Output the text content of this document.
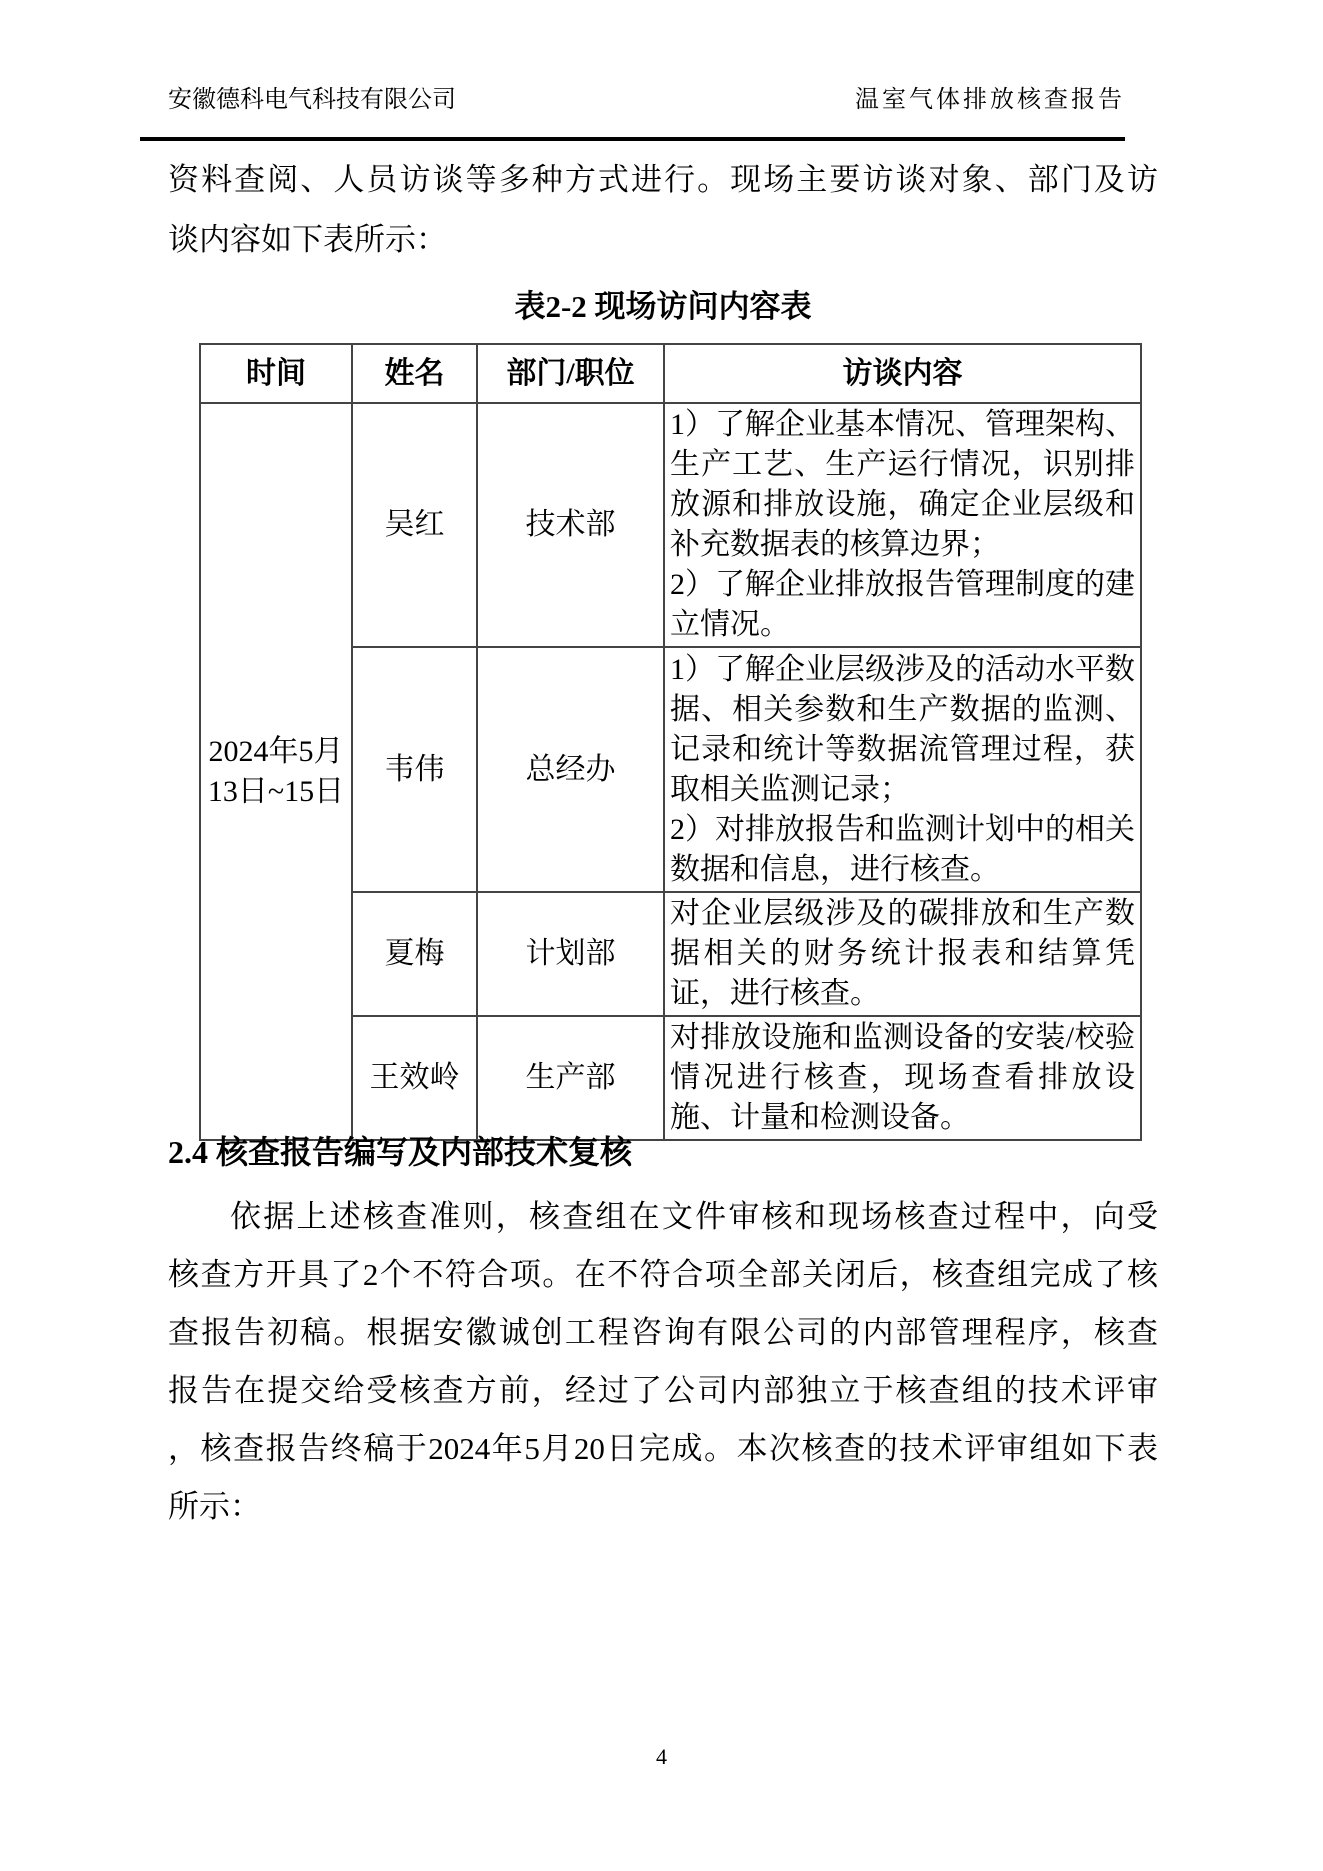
安徽德科电气科技有限公司	温室气体排放核查报告
资料查阅、人员访谈等多种方式进行。现场主要访谈对象、部门及访
谈内容如下表所示：
表2-2 现场访问内容表
时间	姓名	部门/职位	访谈内容
2024年5月13日~15日	吴红	技术部	1）了解企业基本情况、管理架构、生产工艺、生产运行情况，识别排放源和排放设施，确定企业层级和补充数据表的核算边界；
2）了解企业排放报告管理制度的建立情况。

	韦伟	总经办	1）了解企业层级涉及的活动水平数据、相关参数和生产数据的监测、记录和统计等数据流管理过程，获取相关监测记录；
2）对排放报告和监测计划中的相关数据和信息，进行核查。

	夏梅	计划部	对企业层级涉及的碳排放和生产数据相关的财务统计报表和结算凭证，进行核查。

	王效岭	生产部	对排放设施和监测设备的安装/校验情况进行核查，现场查看排放设施、计量和检测设备。
2.4 核查报告编写及内部技术复核
依据上述核查准则，核查组在文件审核和现场核查过程中，向受
核查方开具了2个不符合项。在不符合项全部关闭后，核查组完成了核
查报告初稿。根据安徽诚创工程咨询有限公司的内部管理程序，核查
报告在提交给受核查方前，经过了公司内部独立于核查组的技术评审
，核查报告终稿于2024年5月20日完成。本次核查的技术评审组如下表
所示：
4
